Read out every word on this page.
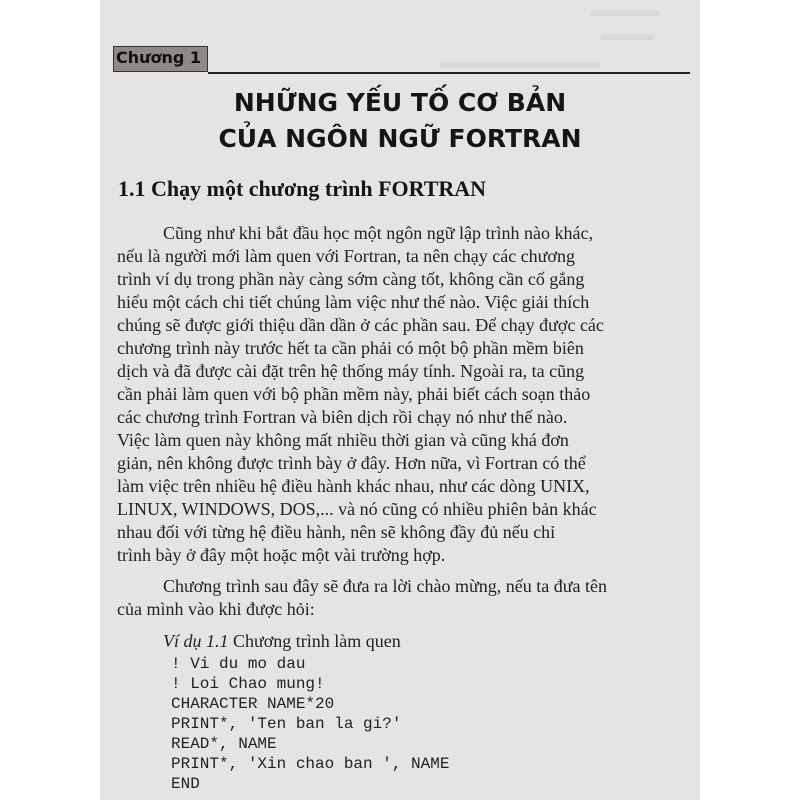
Chương 1
NHỮNG YẾU TỐ CƠ BẢN
CỦA NGÔN NGỮ FORTRAN
1.1 Chạy một chương trình FORTRAN
Cũng như khi bắt đầu học một ngôn ngữ lập trình nào khác,
nếu là người mới làm quen với Fortran, ta nên chạy các chương
trình ví dụ trong phần này càng sớm càng tốt, không cần cố gắng
hiểu một cách chi tiết chúng làm việc như thế nào. Việc giải thích
chúng sẽ được giới thiệu dần dần ở các phần sau. Để chạy được các
chương trình này trước hết ta cần phải có một bộ phần mềm biên
dịch và đã được cài đặt trên hệ thống máy tính. Ngoài ra, ta cũng
cần phải làm quen với bộ phần mềm này, phải biết cách soạn thảo
các chương trình Fortran và biên dịch rồi chạy nó như thế nào.
Việc làm quen này không mất nhiều thời gian và cũng khá đơn
giản, nên không được trình bày ở đây. Hơn nữa, vì Fortran có thể
làm việc trên nhiều hệ điều hành khác nhau, như các dòng UNIX,
LINUX, WINDOWS, DOS,... và nó cũng có nhiều phiên bản khác
nhau đối với từng hệ điều hành, nên sẽ không đầy đủ nếu chỉ
trình bày ở đây một hoặc một vài trường hợp.
Chương trình sau đây sẽ đưa ra lời chào mừng, nếu ta đưa tên
của mình vào khi được hỏi:
Ví dụ 1.1 Chương trình làm quen
! Vi du mo dau
! Loi Chao mung!
CHARACTER NAME*20
PRINT*, 'Ten ban la gi?'
READ*, NAME
PRINT*, 'Xin chao ban ', NAME
END
